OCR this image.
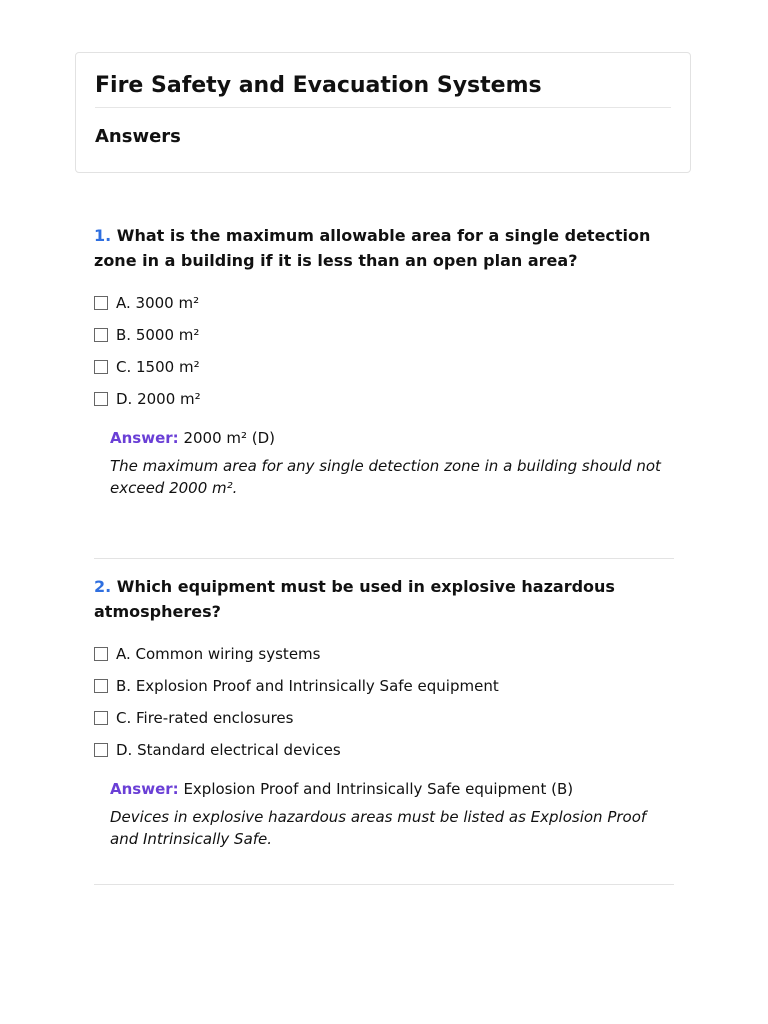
Fire Safety and Evacuation Systems
Answers

1. What is the maximum allowable area for a single detection zone in a building if it is less than an open plan area?

A. 3000 m²
B. 5000 m²
C. 1500 m²
D. 2000 m²
Answer: 2000 m² (D)

The maximum area for any single detection zone in a building should not exceed 2000 m².

2. Which equipment must be used in explosive hazardous atmospheres?

A. Common wiring systems
B. Explosion Proof and Intrinsically Safe equipment
C. Fire-rated enclosures
D. Standard electrical devices
Answer: Explosion Proof and Intrinsically Safe equipment (B)

Devices in explosive hazardous areas must be listed as Explosion Proof and Intrinsically Safe.
